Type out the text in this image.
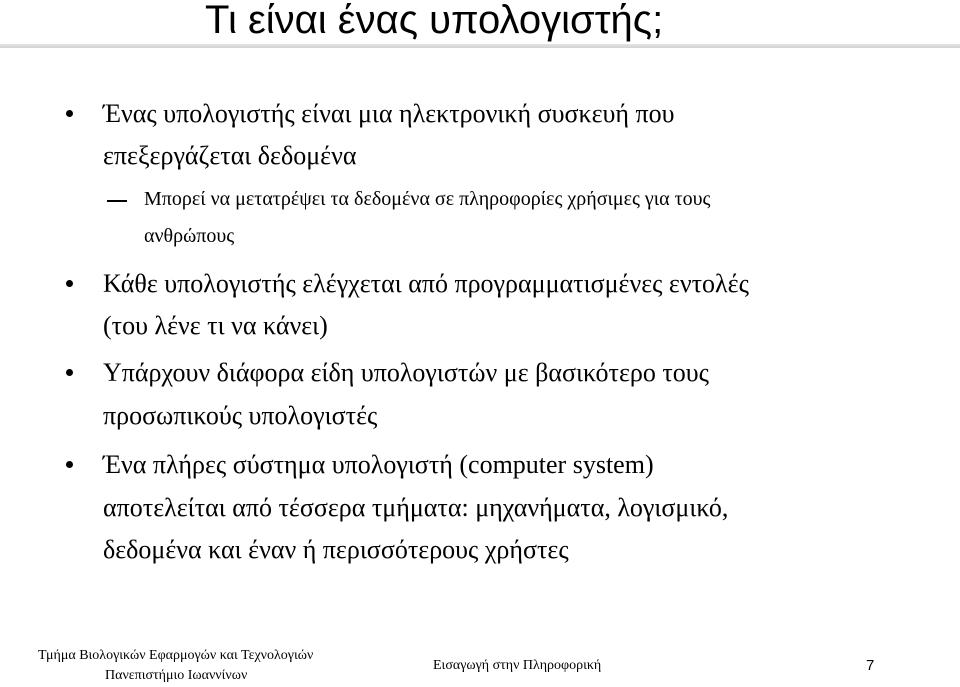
Τι είναι ένας υπολογιστής;

Ένας υπολογιστής είναι μια ηλεκτρονική συσκευή που

επεξεργάζεται δεδομένα

Μπορεί να μετατρέψει τα δεδομένα σε πληροφορίες χρήσιμες για τους

ανθρώπους

Κάθε υπολογιστής ελέγχεται από προγραμματισμένες εντολές

(του λένε τι να κάνει)

Υπάρχουν διάφορα είδη υπολογιστών με βασικότερο τους

προσωπικούς υπολογιστές

Ένα πλήρες σύστημα υπολογιστή (computer system)

αποτελείται από τέσσερα τμήματα: μηχανήματα, λογισμικό,

δεδομένα και έναν ή περισσότερους χρήστες

Τμήμα Βιολογικών Εφαρμογών και Τεχνολογιών

Πανεπιστήμιο Ιωαννίνων

Εισαγωγή στην Πληροφορική	7
